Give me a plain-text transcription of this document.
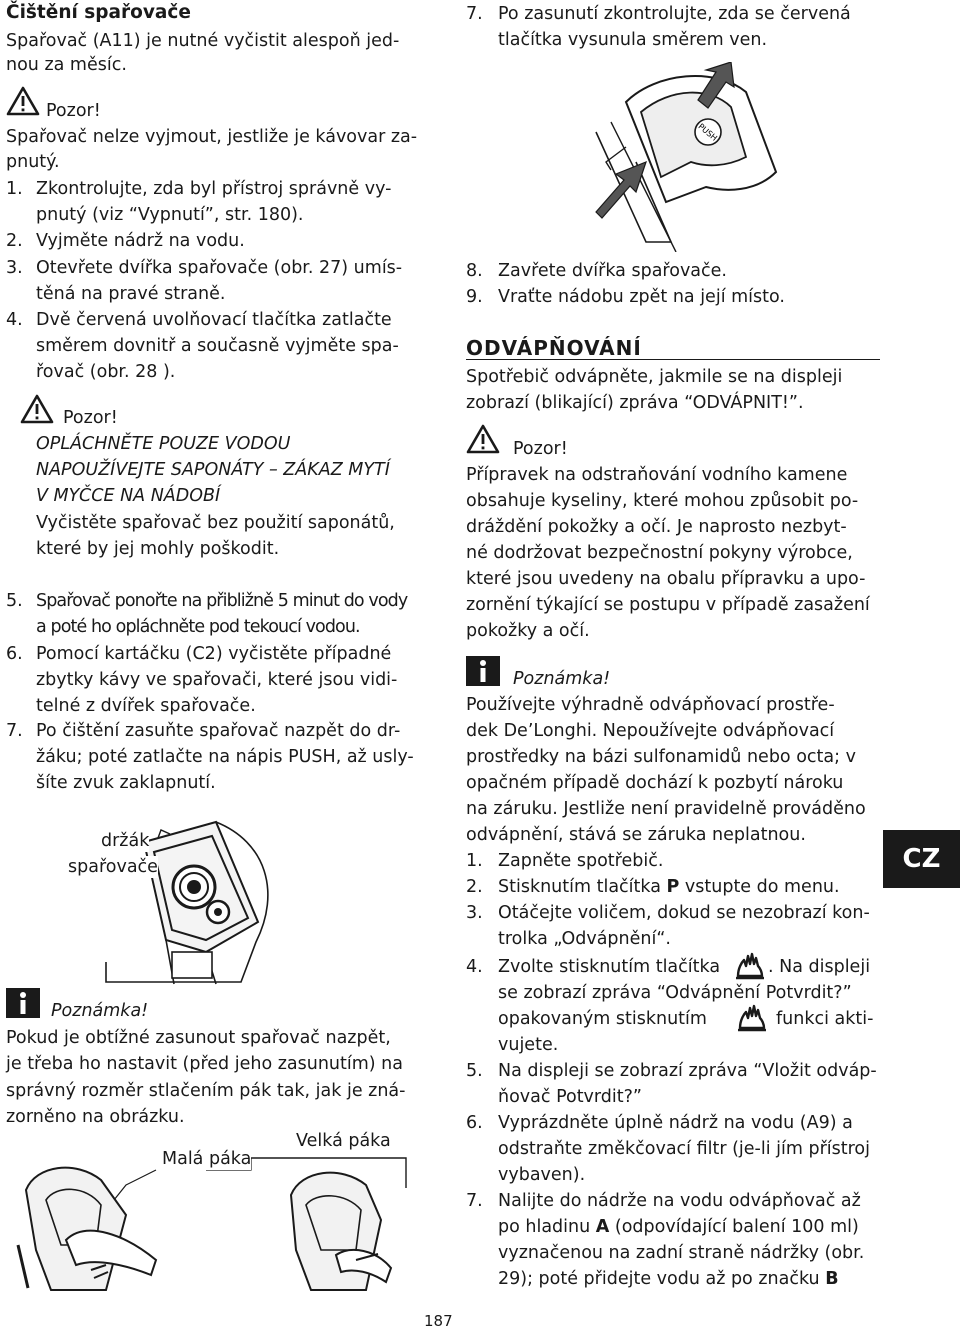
Čištění spařovače
Spařovač (A11) je nutné vyčistit alespoň jed-
nou za měsíc.
Pozor!
Spařovač nelze vyjmout, jestliže je kávovar za-
pnutý.
1. Zkontrolujte, zda byl přístroj správně vy-
pnutý (viz “Vypnutí”, str. 180).
2. Vyjměte nádrž na vodu.
3. Otevřete dvířka spařovače (obr. 27) umís-
těná na pravé straně.
4. Dvě červená uvolňovací tlačítka zatlačte
směrem dovnitř a současně vyjměte spa-
řovač (obr. 28 ).
Pozor!
OPLÁCHNĚTE POUZE VODOU
NAPOUŽÍVEJTE SAPONÁTY – ZÁKAZ MYTÍ
V MYČCE NA NÁDOBÍ
Vyčistěte spařovač bez použití saponátů,
které by jej mohly poškodit.
5. Spařovač ponořte na přibližně 5 minut do vody
a poté ho opláchněte pod tekoucí vodou.
6. Pomocí kartáčku (C2) vyčistěte případné
zbytky kávy ve spařovači, které jsou vidi-
telné z dvířek spařovače.
7. Po čištění zasuňte spařovač nazpět do dr-
žáku; poté zatlačte na nápis PUSH, až usly-
šíte zvuk zaklapnutí.
držák
spařovače
Poznámka!
Pokud je obtížné zasunout spařovač nazpět,
je třeba ho nastavit (před jeho zasunutím) na
správný rozměr stlačením pák tak, jak je zná-
zorněno na obrázku.
Velká páka
Malá páka
7. Po zasunutí zkontrolujte, zda se červená
tlačítka vysunula směrem ven.
PUSH
8. Zavřete dvířka spařovače.
9. Vraťte nádobu zpět na její místo.
ODVÁPŇOVÁNÍ
Spotřebič odvápněte, jakmile se na displeji
zobrazí (blikající) zpráva “ODVÁPNIT!”.
Pozor!
Přípravek na odstraňování vodního kamene
obsahuje kyseliny, které mohou způsobit po-
dráždění pokožky a očí. Je naprosto nezbyt-
né dodržovat bezpečnostní pokyny výrobce,
které jsou uvedeny na obalu přípravku a upo-
zornění týkající se postupu v případě zasažení
pokožky a očí.
Poznámka!
Používejte výhradně odvápňovací prostře-
dek De’Longhi. Nepoužívejte odvápňovací
prostředky na bázi sulfonamidů nebo octa; v
opačném případě dochází k pozbytí nároku
na záruku. Jestliže není pravidelně prováděno
odvápnění, stává se záruka neplatnou.
1. Zapněte spotřebič.
2. Stisknutím tlačítka P vstupte do menu.
3. Otáčejte voličem, dokud se nezobrazí kon-
trolka „Odvápnění“.
4. Zvolte stisknutím tlačítka	. Na displeji
se zobrazí zpráva “Odvápnění Potvrdit?”
opakovaným stisknutím	funkci akti-
vujete.
5. Na displeji se zobrazí zpráva “Vložit odváp-
ňovač Potvrdit?”
6. Vyprázdněte úplně nádrž na vodu (A9) a
odstraňte změkčovací filtr (je-li jím přístroj
vybaven).
7. Nalijte do nádrže na vodu odvápňovač až
po hladinu A (odpovídající balení 100 ml)
vyznačenou na zadní straně nádržky (obr.
29); poté přidejte vodu až po značku B
CZ
187
